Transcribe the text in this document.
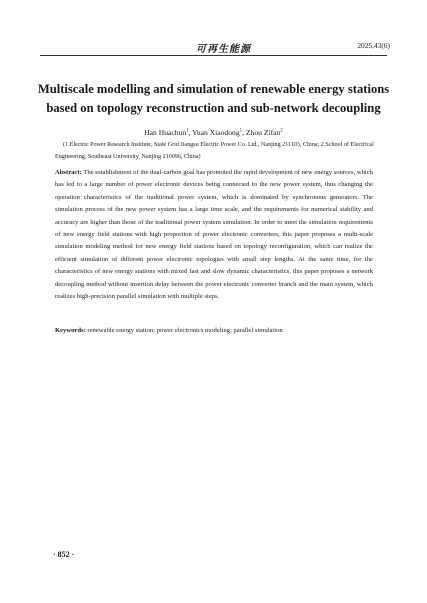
可再生能源	2025,43(6)
Multiscale modelling and simulation of renewable energy stations based on topology reconstruction and sub-network decoupling
Han Huachun$^1$, Yuan Xiaodong$^1$, Zhou Zifan$^2$
(1.Electric Power Research Institute, State Grid Jiangsu Electric Power Co. Ltd., Nanjing 211103, China; 2.School of Electrical Engineering, Southeast University, Nanjing 210096, China)

Abstract: The establishment of the dual-carbon goal has promoted the rapid development of new energy sources, which has led to a large number of power electronic devices being connected to the new power system, thus changing the operation characteristics of the traditional power system, which is dominated by synchronous generators. The simulation process of the new power system has a large time scale, and the requirements for numerical stability and accuracy are higher than those of the traditional power system simulation. In order to meet the simulation requirements of new energy field stations with high proportion of power electronic converters, this paper proposes a multi-scale simulation modeling method for new energy field stations based on topology reconfiguration, which can realize the efficient simulation of different power electronic topologies with small step lengths. At the same time, for the characteristics of new energy stations with mixed fast and slow dynamic characteristics, this paper proposes a network decoupling method without insertion delay between the power electronic converter branch and the main system, which realizes high-precision parallel simulation with multiple steps.

Keywords: renewable energy station; power electronics modeling; parallel simulation
· 852 ·
